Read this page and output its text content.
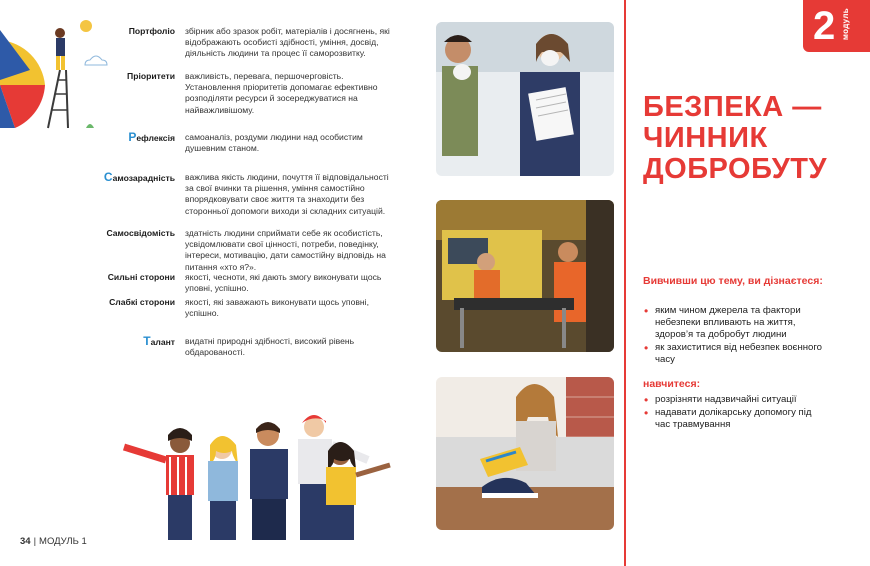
Портфоліо збірник або зразок робіт, матеріалів і досягнень, які відображають особисті здібності, уміння, досвід, діяльність людини та процес її саморозвитку.
Пріоритети важливість, перевага, першочерговість. Установлення пріоритетів допомагає ефективно розподіляти ресурси й зосереджуватися на найважливішому.
Рефлексія самоаналіз, роздуми людини над особистим душевним станом.
Самозарадність важлива якість людини, почуття її відповідальності за свої вчинки та рішення, уміння самостійно впорядковувати своє життя та знаходити без сторонньої допомоги виходи зі складних ситуацій.
Самосвідомість здатність людини сприймати себе як особистість, усвідомлювати свої цінності, потреби, поведінку, інтереси, мотивацію, дати самостійну відповідь на питання «хто я?».
Сильні сторони якості, чесноти, які дають змогу виконувати щось уповні, успішно.
Слабкі сторони якості, які заважають виконувати щось уповні, успішно.
Талант видатні природні здібності, високий рівень обдарованості.
34 | МОДУЛЬ 1
2 модуль
БЕЗПЕКА —
ЧИННИК
ДОБРОБУТУ
Вивчивши цю тему, ви дізнаєтеся:
• яким чином джерела та фактори небезпеки впливають на життя, здоров’я та добробут людини
• як захиститися від небезпек воєнного часу
навчитеся:
• розрізняти надзвичайні ситуації
• надавати долікарську допомогу під час травмування
